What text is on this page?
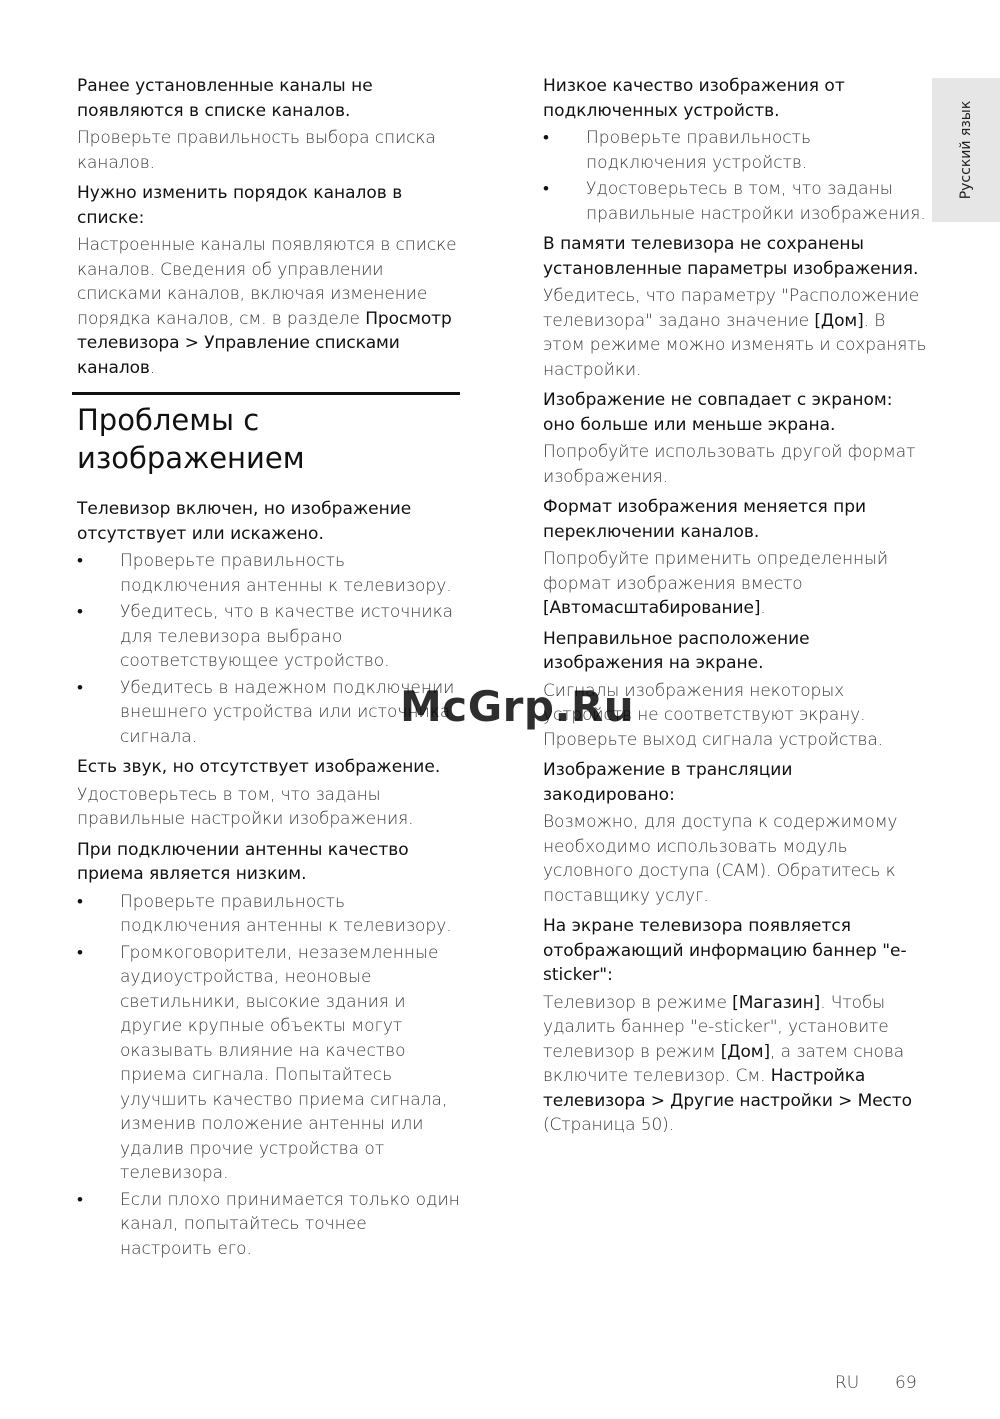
Русский язык

Ранее установленные каналы не появляются в списке каналов.

Проверьте правильность выбора списка каналов.

Нужно изменить порядок каналов в списке:

Настроенные каналы появляются в списке каналов. Сведения об управлении списками каналов, включая изменение порядка каналов, см. в разделе Просмотр телевизора > Управление списками каналов.

Проблемы с изображением

Телевизор включен, но изображение отсутствует или искажено.

•	Проверьте правильность подключения антенны к телевизору.
•	Убедитесь, что в качестве источника для телевизора выбрано соответствующее устройство.
•	Убедитесь в надежном подключении внешнего устройства или источника сигнала.

Есть звук, но отсутствует изображение.

Удостоверьтесь в том, что заданы правильные настройки изображения.

При подключении антенны качество приема является низким.

•	Проверьте правильность подключения антенны к телевизору.
•	Громкоговорители, незаземленные аудиоустройства, неоновые светильники, высокие здания и другие крупные объекты могут оказывать влияние на качество приема сигнала. Попытайтесь улучшить качество приема сигнала, изменив положение антенны или удалив прочие устройства от телевизора.
•	Если плохо принимается только один канал, попытайтесь точнее настроить его.

Низкое качество изображения от подключенных устройств.

•	Проверьте правильность подключения устройств.
•	Удостоверьтесь в том, что заданы правильные настройки изображения.

В памяти телевизора не сохранены установленные параметры изображения.

Убедитесь, что параметру "Расположение телевизора" задано значение [Дом]. В этом режиме можно изменять и сохранять настройки.

Изображение не совпадает с экраном: оно больше или меньше экрана.

Попробуйте использовать другой формат изображения.

Формат изображения меняется при переключении каналов.

Попробуйте применить определенный формат изображения вместо [Автомасштабирование].

Неправильное расположение изображения на экране.

Сигналы изображения некоторых устройств не соответствуют экрану. Проверьте выход сигнала устройства.

Изображение в трансляции закодировано:

Возможно, для доступа к содержимому необходимо использовать модуль условного доступа (CAM). Обратитесь к поставщику услуг.

На экране телевизора появляется отображающий информацию баннер "e-sticker":

Телевизор в режиме [Магазин]. Чтобы удалить баннер "e-sticker", установите телевизор в режим [Дом], а затем снова включите телевизор. См. Настройка телевизора > Другие настройки > Место (Страница 50).

McGrp.Ru
RU 69
